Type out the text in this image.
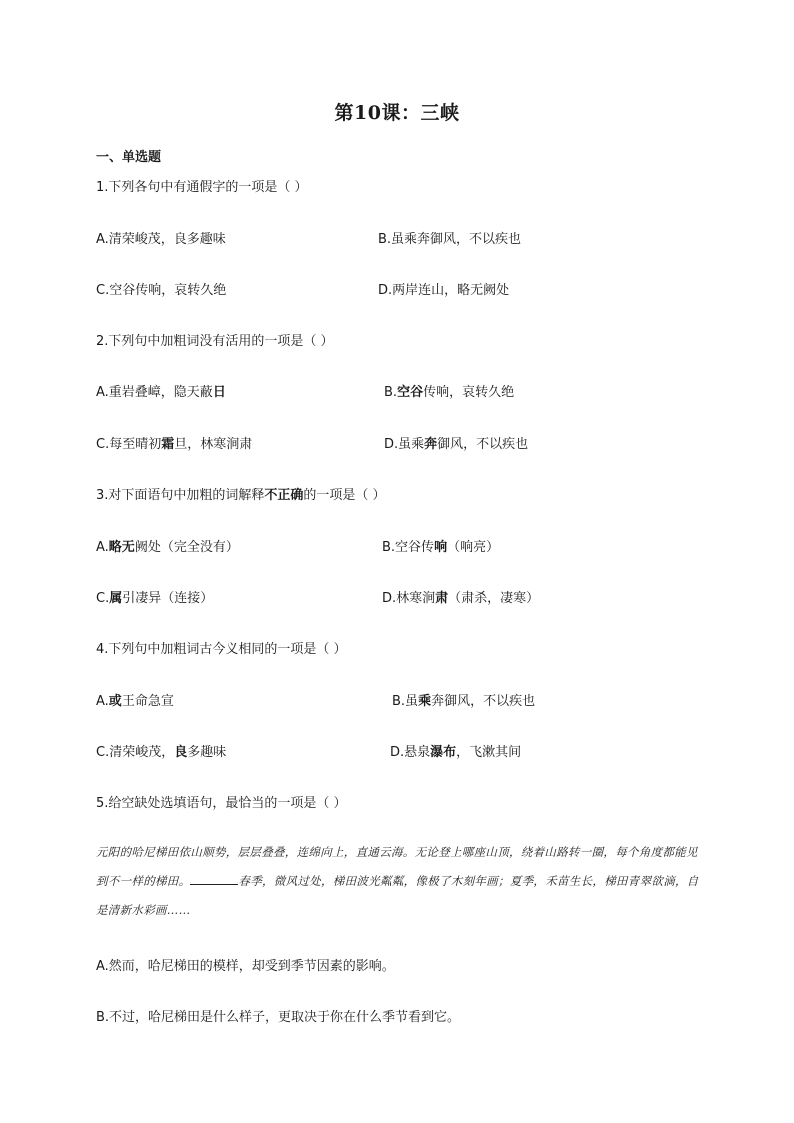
第10课：三峡
一、单选题
1.下列各句中有通假字的一项是（ ）
A.清荣峻茂，良多趣味	B.虽乘奔御风，不以疾也
C.空谷传响，哀转久绝	D.两岸连山，略无阙处
2.下列句中加粗词没有活用的一项是（ ）
A.重岩叠嶂，隐天蔽日	B.空谷传响，哀转久绝
C.每至晴初霜旦，林寒涧肃	D.虽乘奔御风，不以疾也
3.对下面语句中加粗的词解释不正确的一项是（ ）
A.略无阙处（完全没有）	B.空谷传响（响亮）
C.属引凄异（连接）	D.林寒涧肃（肃杀，凄寒）
4.下列句中加粗词古今义相同的一项是（ ）
A.或王命急宣	B.虽乘奔御风，不以疾也
C.清荣峻茂，良多趣味	D.悬泉瀑布，飞漱其间
5.给空缺处选填语句，最恰当的一项是（ ）
元阳的哈尼梯田依山顺势，层层叠叠，连绵向上，直通云海。无论登上哪座山顶，绕着山路转一圈，每个角度都能见到不一样的梯田。	春季，微风过处，梯田波光粼粼，像极了木刻年画；夏季，禾苗生长，梯田青翠欲滴，自是清新水彩画……
A.然而，哈尼梯田的模样，却受到季节因素的影响。
B.不过，哈尼梯田是什么样子，更取决于你在什么季节看到它。
